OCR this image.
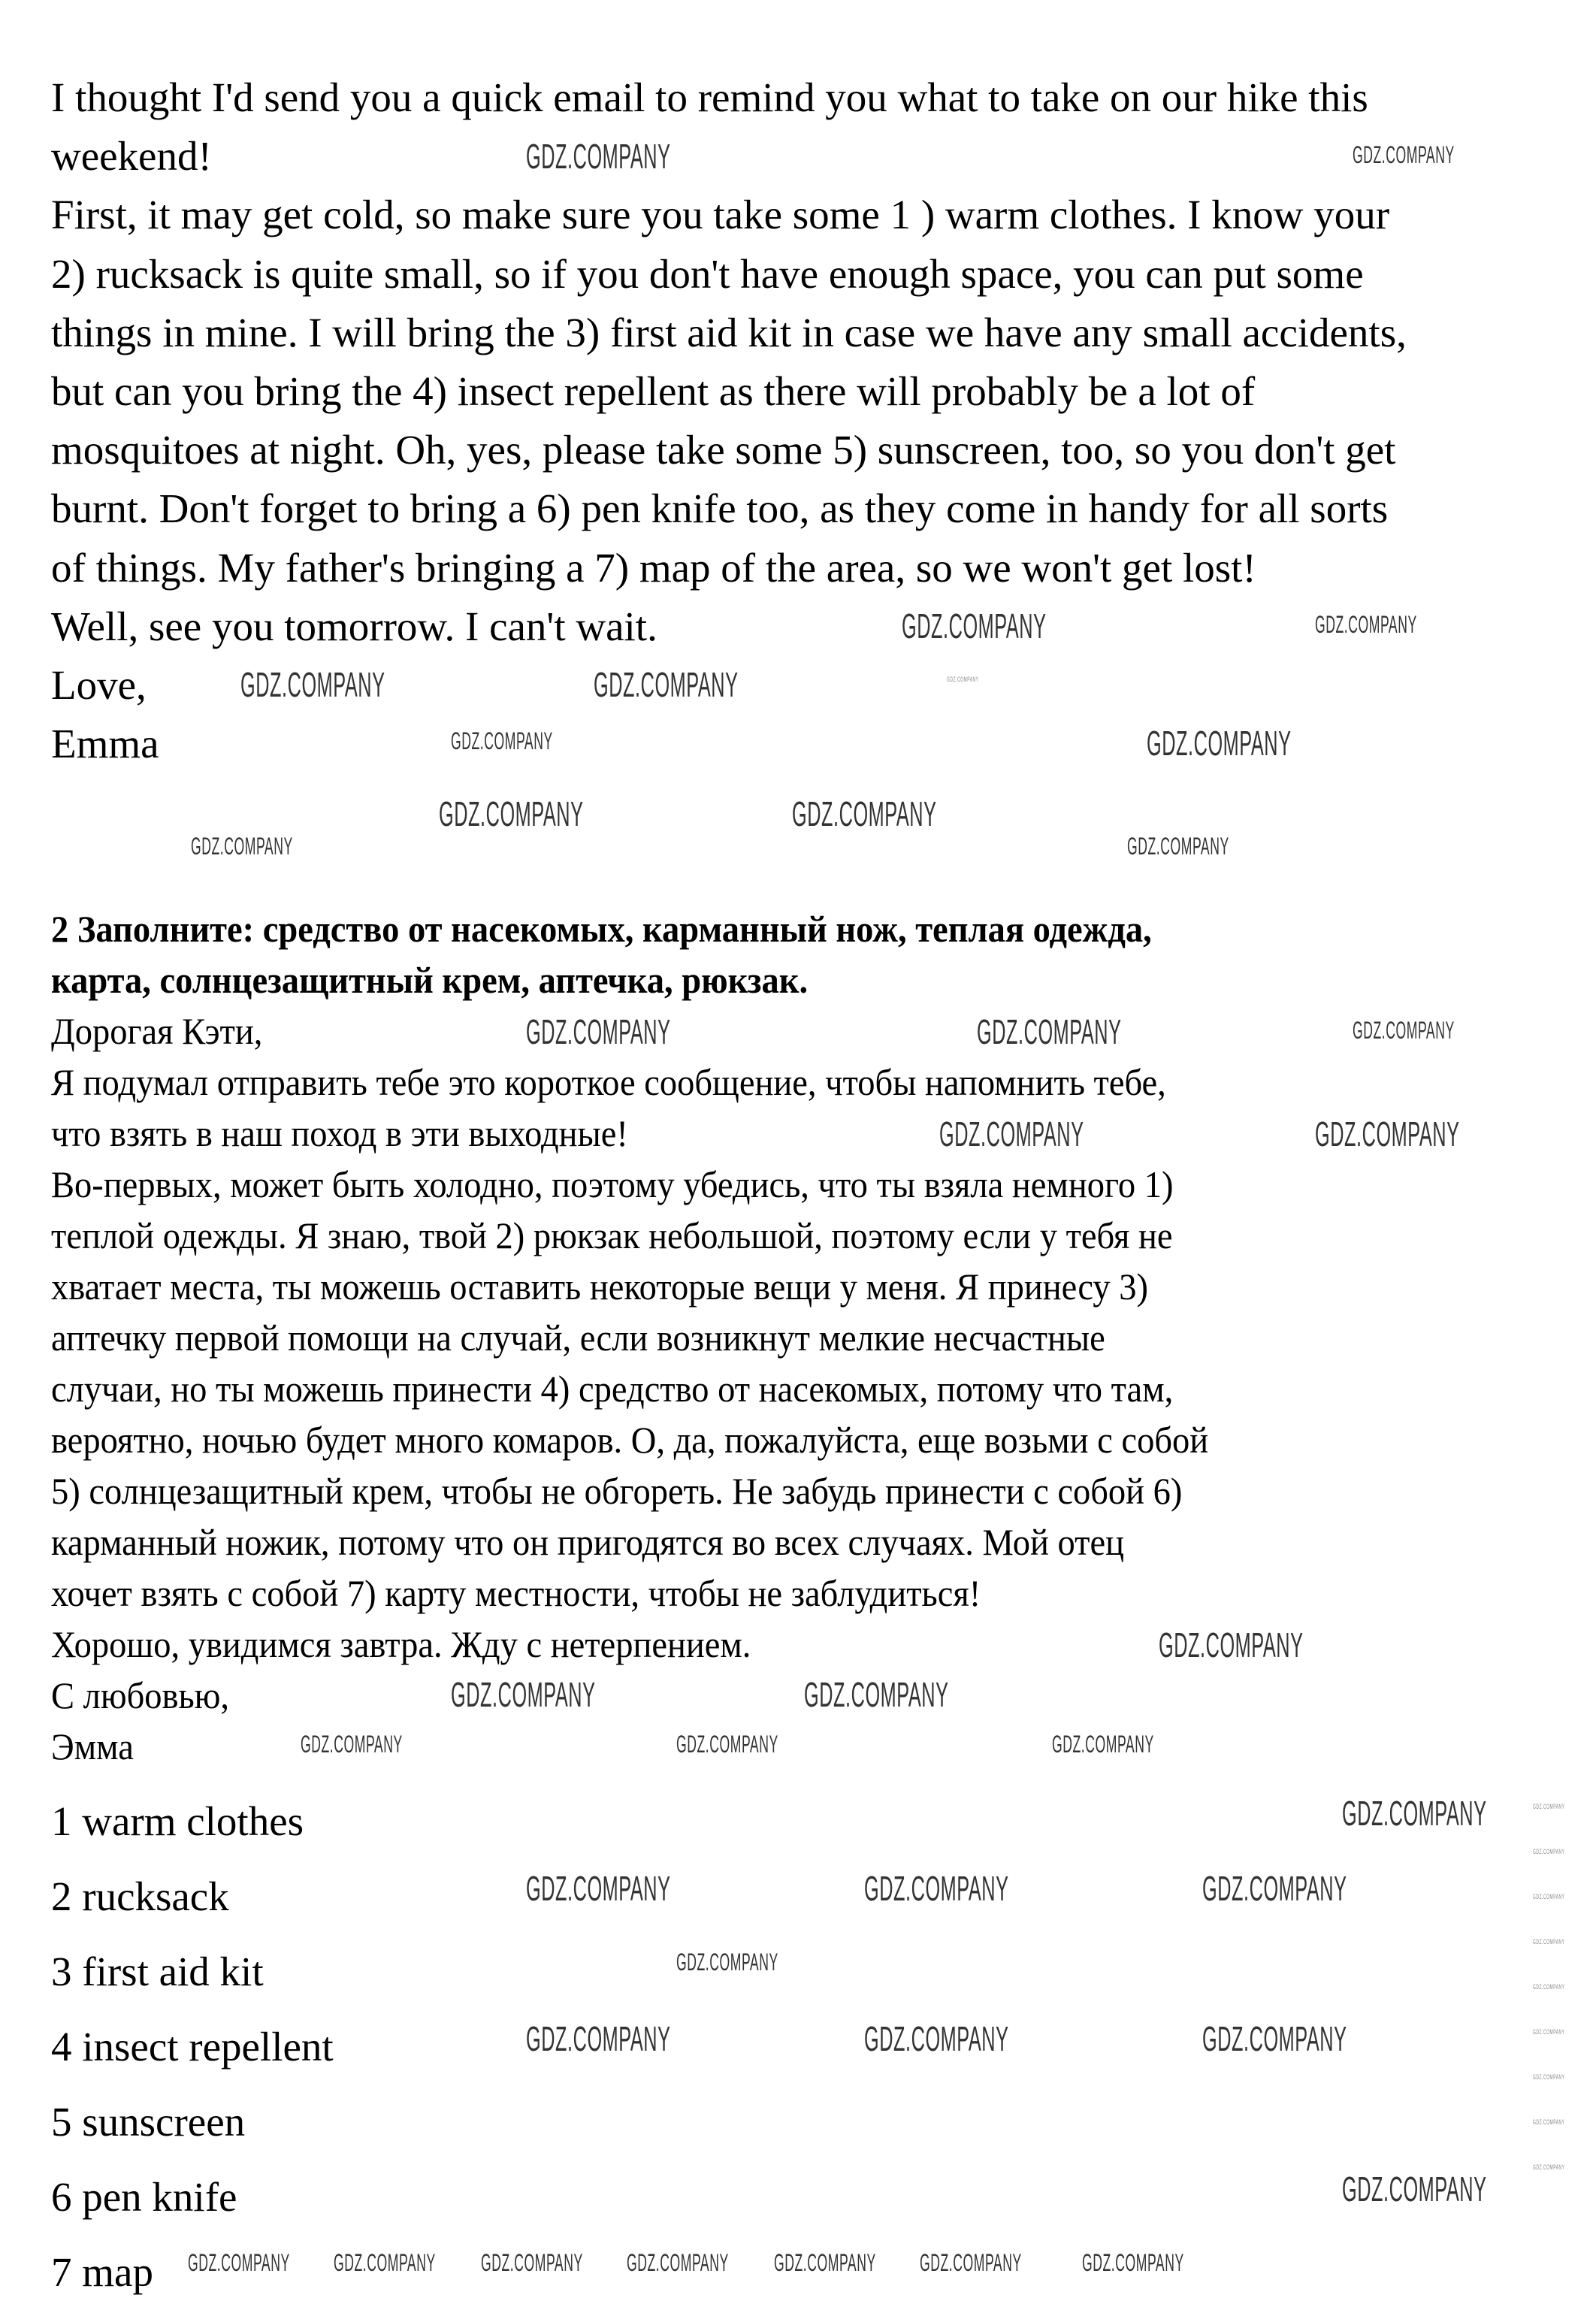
I thought I'd send you a quick email to remind you what to take on our hike this
weekend!
First, it may get cold, so make sure you take some 1 ) warm clothes. I know your
2) rucksack is quite small, so if you don't have enough space, you can put some
things in mine. I will bring the 3) first aid kit in case we have any small accidents,
but can you bring the 4) insect repellent as there will probably be a lot of
mosquitoes at night. Oh, yes, please take some 5) sunscreen, too, so you don't get
burnt. Don't forget to bring a 6) pen knife too, as they come in handy for all sorts
of things. My father's bringing a 7) map of the area, so we won't get lost!
Well, see you tomorrow. I can't wait.
Love,
Emma
2 Заполните: средство от насекомых, карманный нож, теплая одежда,
карта, солнцезащитный крем, аптечка, рюкзак.
Дорогая Кэти,
Я подумал отправить тебе это короткое сообщение, чтобы напомнить тебе,
что взять в наш поход в эти выходные!
Во-первых, может быть холодно, поэтому убедись, что ты взяла немного 1)
теплой одежды. Я знаю, твой 2) рюкзак небольшой, поэтому если у тебя не
хватает места, ты можешь оставить некоторые вещи у меня. Я принесу 3)
аптечку первой помощи на случай, если возникнут мелкие несчастные
случаи, но ты можешь принести 4) средство от насекомых, потому что там,
вероятно, ночью будет много комаров. О, да, пожалуйста, еще возьми с собой
5) солнцезащитный крем, чтобы не обгореть. Не забудь принести с собой 6)
карманный ножик, потому что он пригодятся во всех случаях. Мой отец
хочет взять с собой 7) карту местности, чтобы не заблудиться!
Хорошо, увидимся завтра. Жду с нетерпением.
С любовью,
Эмма
1 warm clothes
2 rucksack
3 first aid kit
4 insect repellent
5 sunscreen
6 pen knife
7 map
GDZ.COMPANY	GDZ.COMPANY
GDZ.COMPANY	GDZ.COMPANY
GDZ.COMPANY	GDZ.COMPANY	GDZ.COMPANY
GDZ.COMPANY	GDZ.COMPANY
GDZ.COMPANY	GDZ.COMPANY
GDZ.COMPANY	GDZ.COMPANY
GDZ.COMPANY	GDZ.COMPANY	GDZ.COMPANY
GDZ.COMPANY	GDZ.COMPANY
GDZ.COMPANY
GDZ.COMPANY	GDZ.COMPANY
GDZ.COMPANY	GDZ.COMPANY	GDZ.COMPANY
GDZ.COMPANY
GDZ.COMPANY	GDZ.COMPANY	GDZ.COMPANY
GDZ.COMPANY
GDZ.COMPANY	GDZ.COMPANY	GDZ.COMPANY
GDZ.COMPANY
GDZ.COMPANY GDZ.COMPANY GDZ.COMPANY GDZ.COMPANY GDZ.COMPANY GDZ.COMPANY	GDZ.COMPANY
GDZ.COMPANY
GDZ.COMPANY
GDZ.COMPANY
GDZ.COMPANY
GDZ.COMPANY
GDZ.COMPANY
GDZ.COMPANY
GDZ.COMPANY
GDZ.COMPANY
